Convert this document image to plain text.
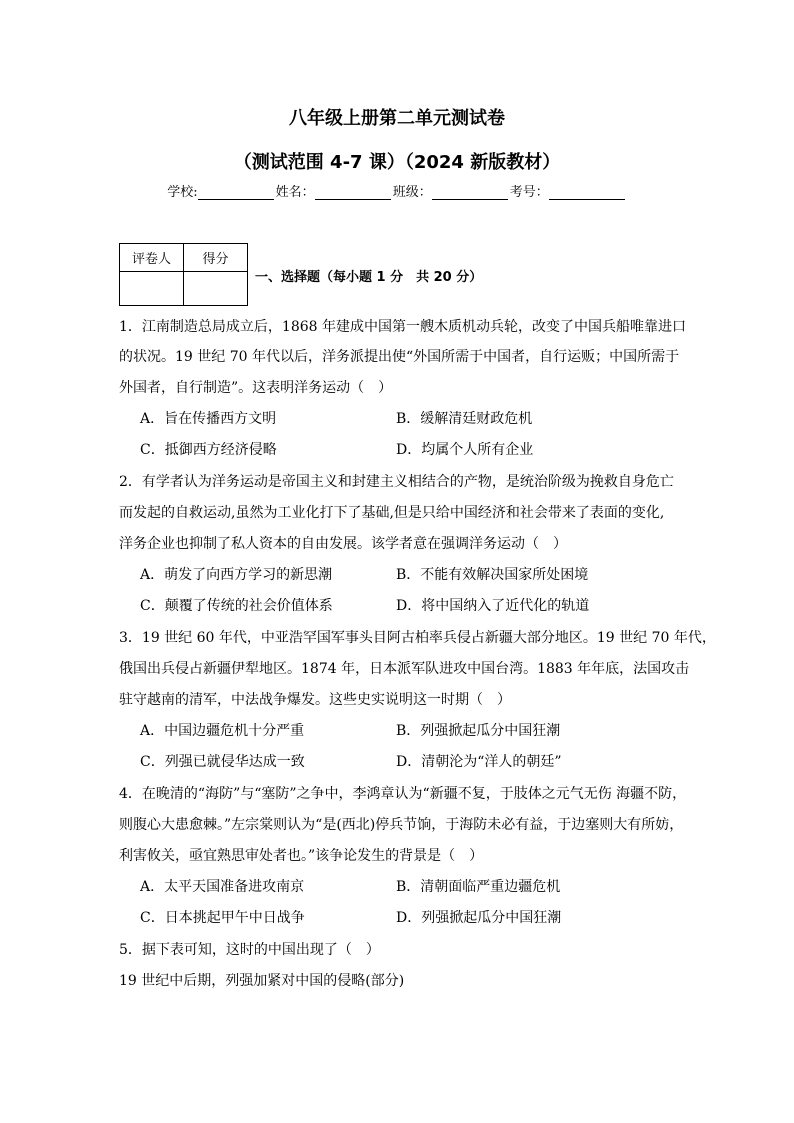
八年级上册第二单元测试卷
（测试范围 4-7 课）（2024 新版教材）
学校:	姓名：	班级：	考号：
评卷人	得分

一、选择题（每小题 1 分　共 20 分）
1．江南制造总局成立后，1868 年建成中国第一艘木质机动兵轮，改变了中国兵船唯靠进口
的状况。19 世纪 70 年代以后，洋务派提出使“外国所需于中国者，自行运贩；中国所需于
外国者，自行制造”。这表明洋务运动（　）
A．旨在传播西方文明	B．缓解清廷财政危机
C．抵御西方经济侵略	D．均属个人所有企业
2．有学者认为洋务运动是帝国主义和封建主义相结合的产物，是统治阶级为挽救自身危亡
而发起的自救运动,虽然为工业化打下了基础,但是只给中国经济和社会带来了表面的变化,
洋务企业也抑制了私人资本的自由发展。该学者意在强调洋务运动（　）
A．萌发了向西方学习的新思潮	B．不能有效解决国家所处困境
C．颠覆了传统的社会价值体系	D．将中国纳入了近代化的轨道
3．19 世纪 60 年代，中亚浩罕国军事头目阿古柏率兵侵占新疆大部分地区。19 世纪 70 年代，
俄国出兵侵占新疆伊犁地区。1874 年，日本派军队进攻中国台湾。1883 年年底，法国攻击
驻守越南的清军，中法战争爆发。这些史实说明这一时期（　）
A．中国边疆危机十分严重	B．列强掀起瓜分中国狂潮
C．列强已就侵华达成一致	D．清朝沦为“洋人的朝廷”
4．在晚清的“海防”与“塞防”之争中，李鸿章认为“新疆不复，于肢体之元气无伤 海疆不防，
则腹心大患愈棘。”左宗棠则认为“是(西北)停兵节饷，于海防未必有益，于边塞则大有所妨，
利害攸关，亟宜熟思审处者也。”该争论发生的背景是（　）
A．太平天国准备进攻南京	B．清朝面临严重边疆危机
C．日本挑起甲午中日战争	D．列强掀起瓜分中国狂潮
5．据下表可知，这时的中国出现了（　）
19 世纪中后期，列强加紧对中国的侵略(部分)
